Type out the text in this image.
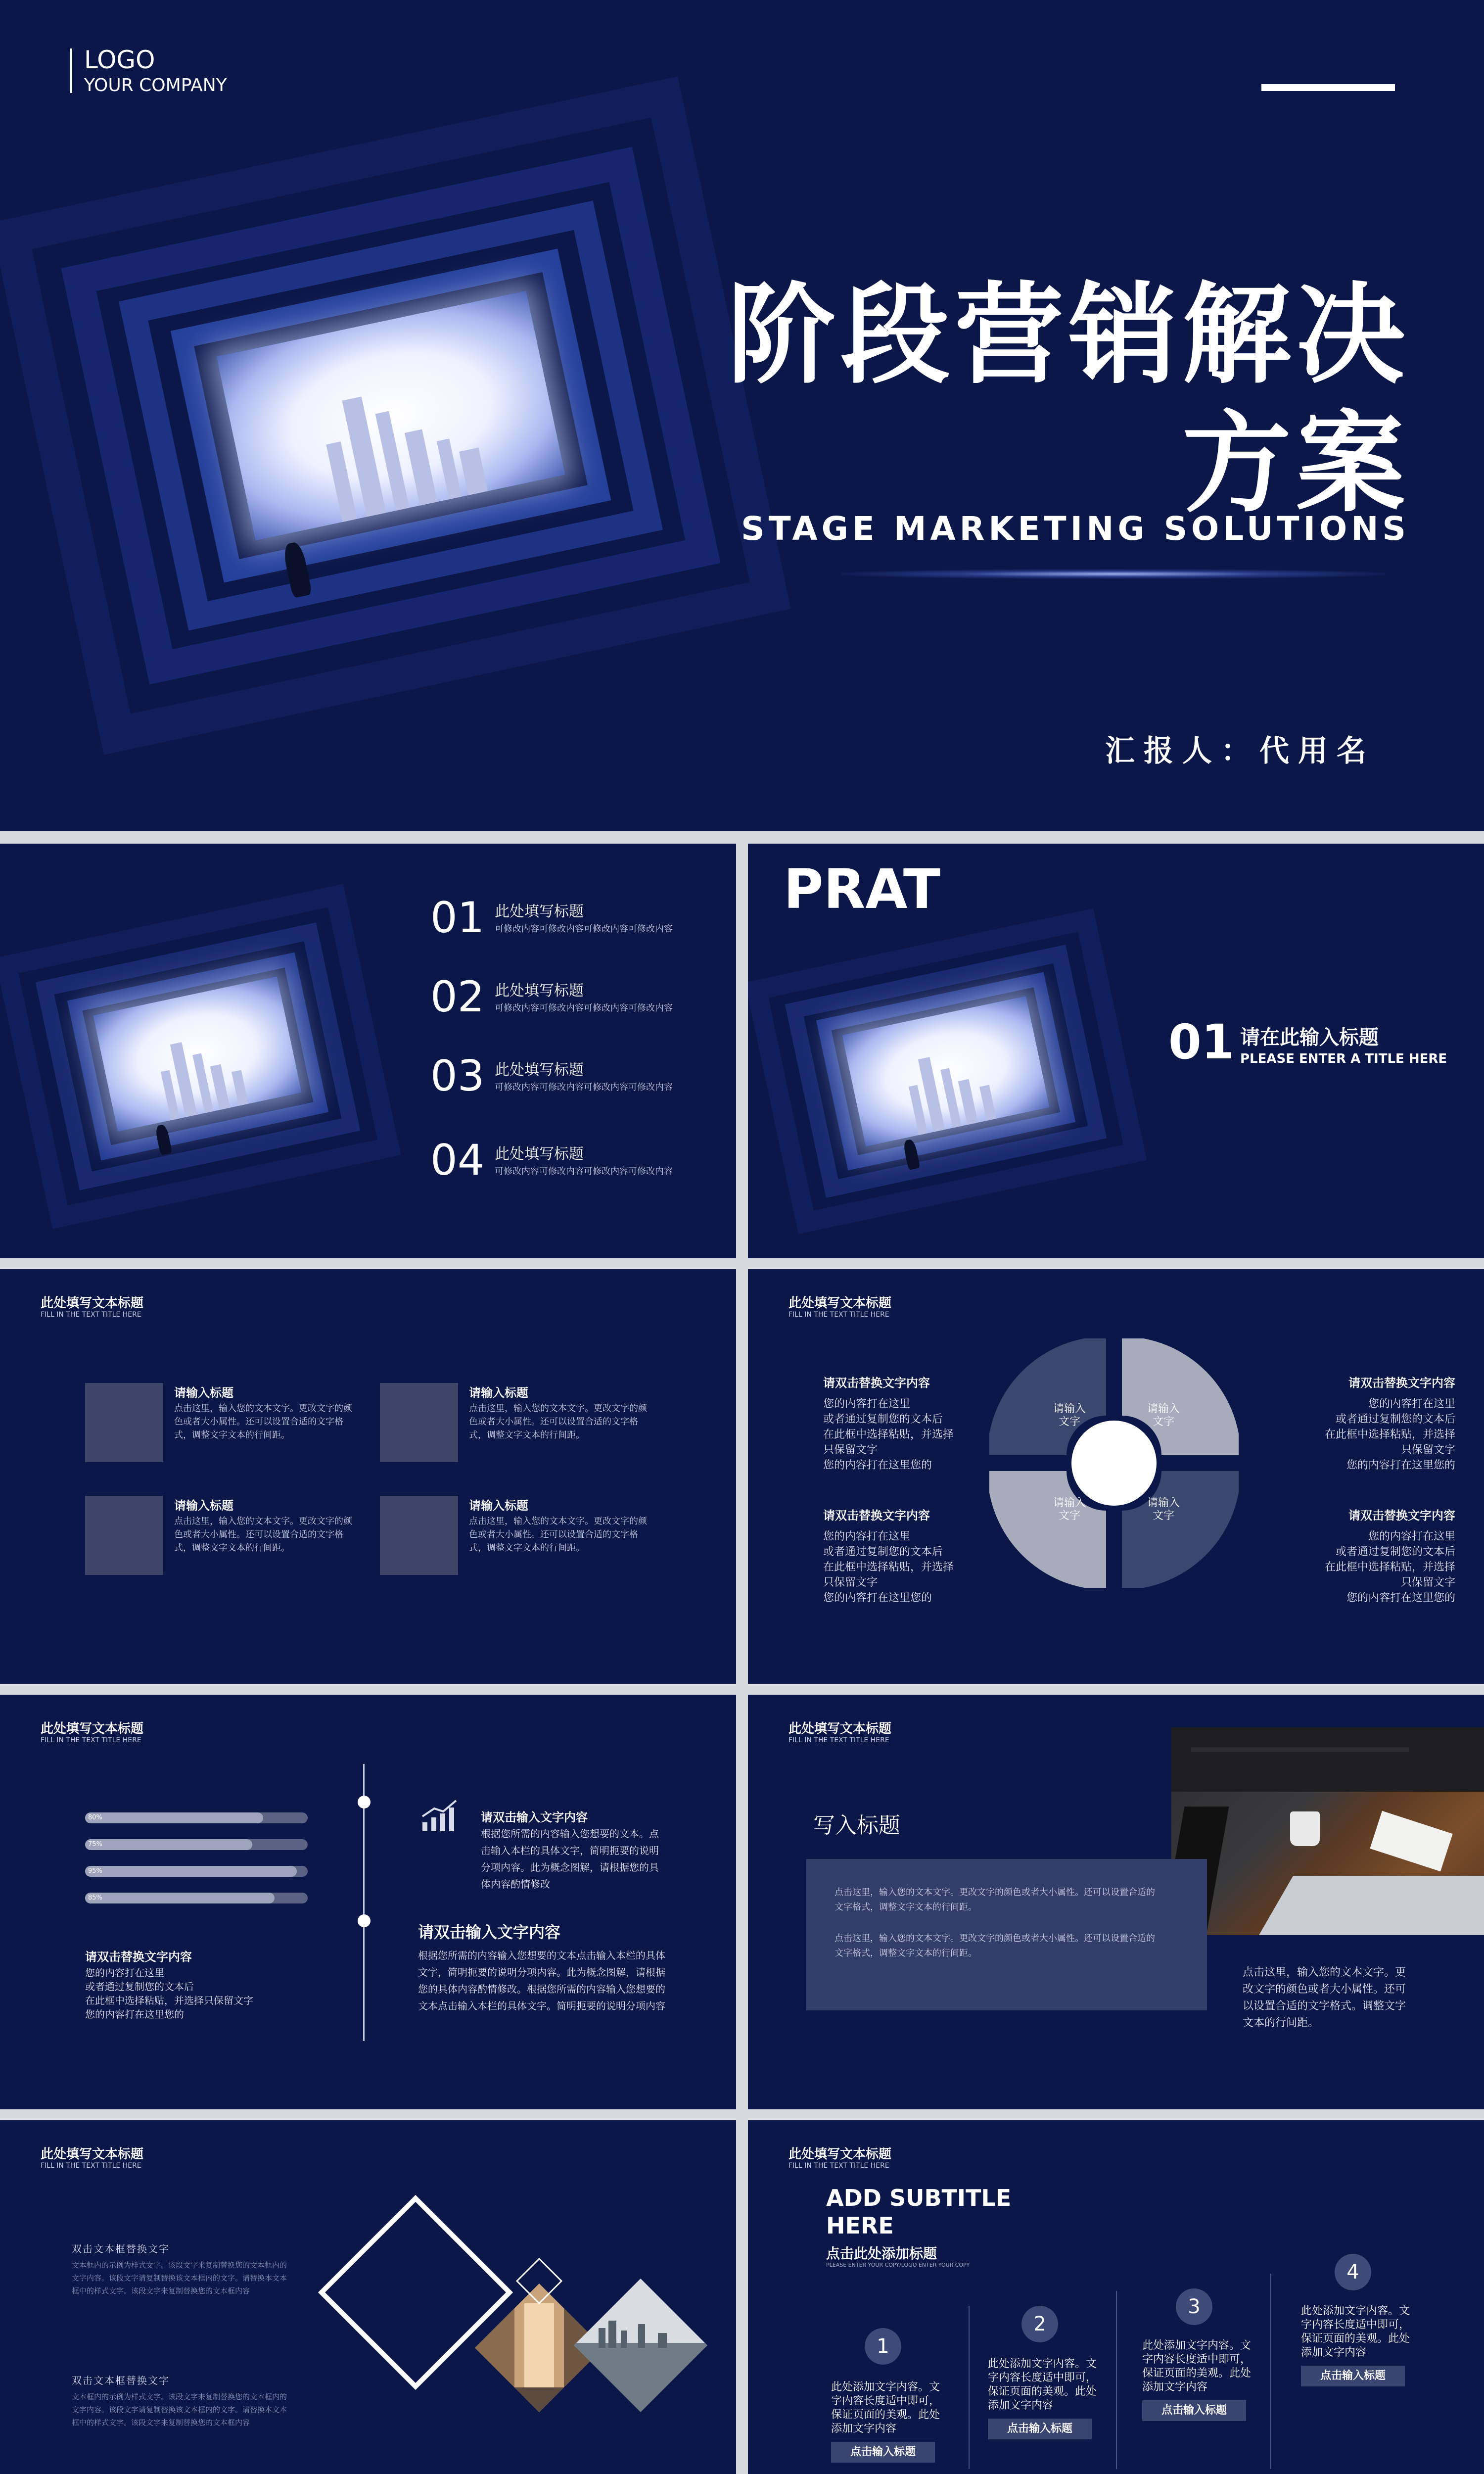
LOGO
YOUR COMPANY
阶段营销解决
方案
STAGE MARKETING SOLUTIONS
汇报人：代用名
01 此处填写标题
可修改内容可修改内容可修改内容可修改内容
02 此处填写标题
可修改内容可修改内容可修改内容可修改内容
03 此处填写标题
可修改内容可修改内容可修改内容可修改内容
04 此处填写标题
可修改内容可修改内容可修改内容可修改内容
PRAT
01 请在此输入标题
PLEASE ENTER A TITLE HERE
此处填写文本标题
FILL IN THE TEXT TITLE HERE
请输入标题
点击这里，输入您的文本文字。更改文字的颜色或者大小属性。还可以设置合适的文字格式，调整文字文本的行间距。
请输入标题
点击这里，输入您的文本文字。更改文字的颜色或者大小属性。还可以设置合适的文字格式，调整文字文本的行间距。
请输入标题
点击这里，输入您的文本文字。更改文字的颜色或者大小属性。还可以设置合适的文字格式，调整文字文本的行间距。
请输入标题
点击这里，输入您的文本文字。更改文字的颜色或者大小属性。还可以设置合适的文字格式，调整文字文本的行间距。
此处填写文本标题
FILL IN THE TEXT TITLE HERE
请双击替换文字内容
您的内容打在这里
或者通过复制您的文本后
在此框中选择粘贴，并选择
只保留文字
您的内容打在这里您的
请双击替换文字内容
您的内容打在这里
或者通过复制您的文本后
在此框中选择粘贴，并选择
只保留文字
您的内容打在这里您的
请双击替换文字内容
您的内容打在这里
或者通过复制您的文本后
在此框中选择粘贴，并选择
只保留文字
您的内容打在这里您的
请双击替换文字内容
您的内容打在这里
或者通过复制您的文本后
在此框中选择粘贴，并选择
只保留文字
您的内容打在这里您的
请输入文字
请输入文字
请输入文字
请输入文字
此处填写文本标题
FILL IN THE TEXT TITLE HERE
80%
75%
95%
85%
请双击替换文字内容
您的内容打在这里
或者通过复制您的文本后
在此框中选择粘贴，并选择只保留文字
您的内容打在这里您的
请双击输入文字内容
根据您所需的内容输入您想要的文本。点击输入本栏的具体文字，简明扼要的说明分项内容。此为概念图解，请根据您的具体内容酌情修改
请双击输入文字内容
根据您所需的内容输入您想要的文本点击输入本栏的具体文字，简明扼要的说明分项内容。此为概念图解，请根据您的具体内容酌情修改。根据您所需的内容输入您想要的文本点击输入本栏的具体文字。简明扼要的说明分项内容
此处填写文本标题
FILL IN THE TEXT TITLE HERE
写入标题
点击这里，输入您的文本文字。更改文字的颜色或者大小属性。还可以设置合适的文字格式，调整文字文本的行间距。
点击这里，输入您的文本文字。更改文字的颜色或者大小属性。还可以设置合适的文字格式，调整文字文本的行间距。
点击这里，输入您的文本文字。更改文字的颜色或者大小属性。还可以设置合适的文字格式。调整文字文本的行间距。
此处填写文本标题
FILL IN THE TEXT TITLE HERE
双击文本框替换文字
文本框内的示例为样式文字。该段文字来复制替换您的文本框内的文字内容。该段文字请复制替换该文本框内的文字。请替换本文本框中的样式文字。该段文字来复制替换您的文本框内容
双击文本框替换文字
文本框内的示例为样式文字。该段文字来复制替换您的文本框内的文字内容。该段文字请复制替换该文本框内的文字。请替换本文本框中的样式文字。该段文字来复制替换您的文本框内容
此处填写文本标题
FILL IN THE TEXT TITLE HERE
ADD SUBTITLE
HERE
点击此处添加标题
PLEASE ENTER YOUR COPY/LOGO ENTER YOUR COPY
1
此处添加文字内容。文字内容长度适中即可，保证页面的美观。此处添加文字内容
点击输入标题
2
此处添加文字内容。文字内容长度适中即可，保证页面的美观。此处添加文字内容
点击输入标题
3
此处添加文字内容。文字内容长度适中即可，保证页面的美观。此处添加文字内容
点击输入标题
4
此处添加文字内容。文字内容长度适中即可，保证页面的美观。此处添加文字内容
点击输入标题
